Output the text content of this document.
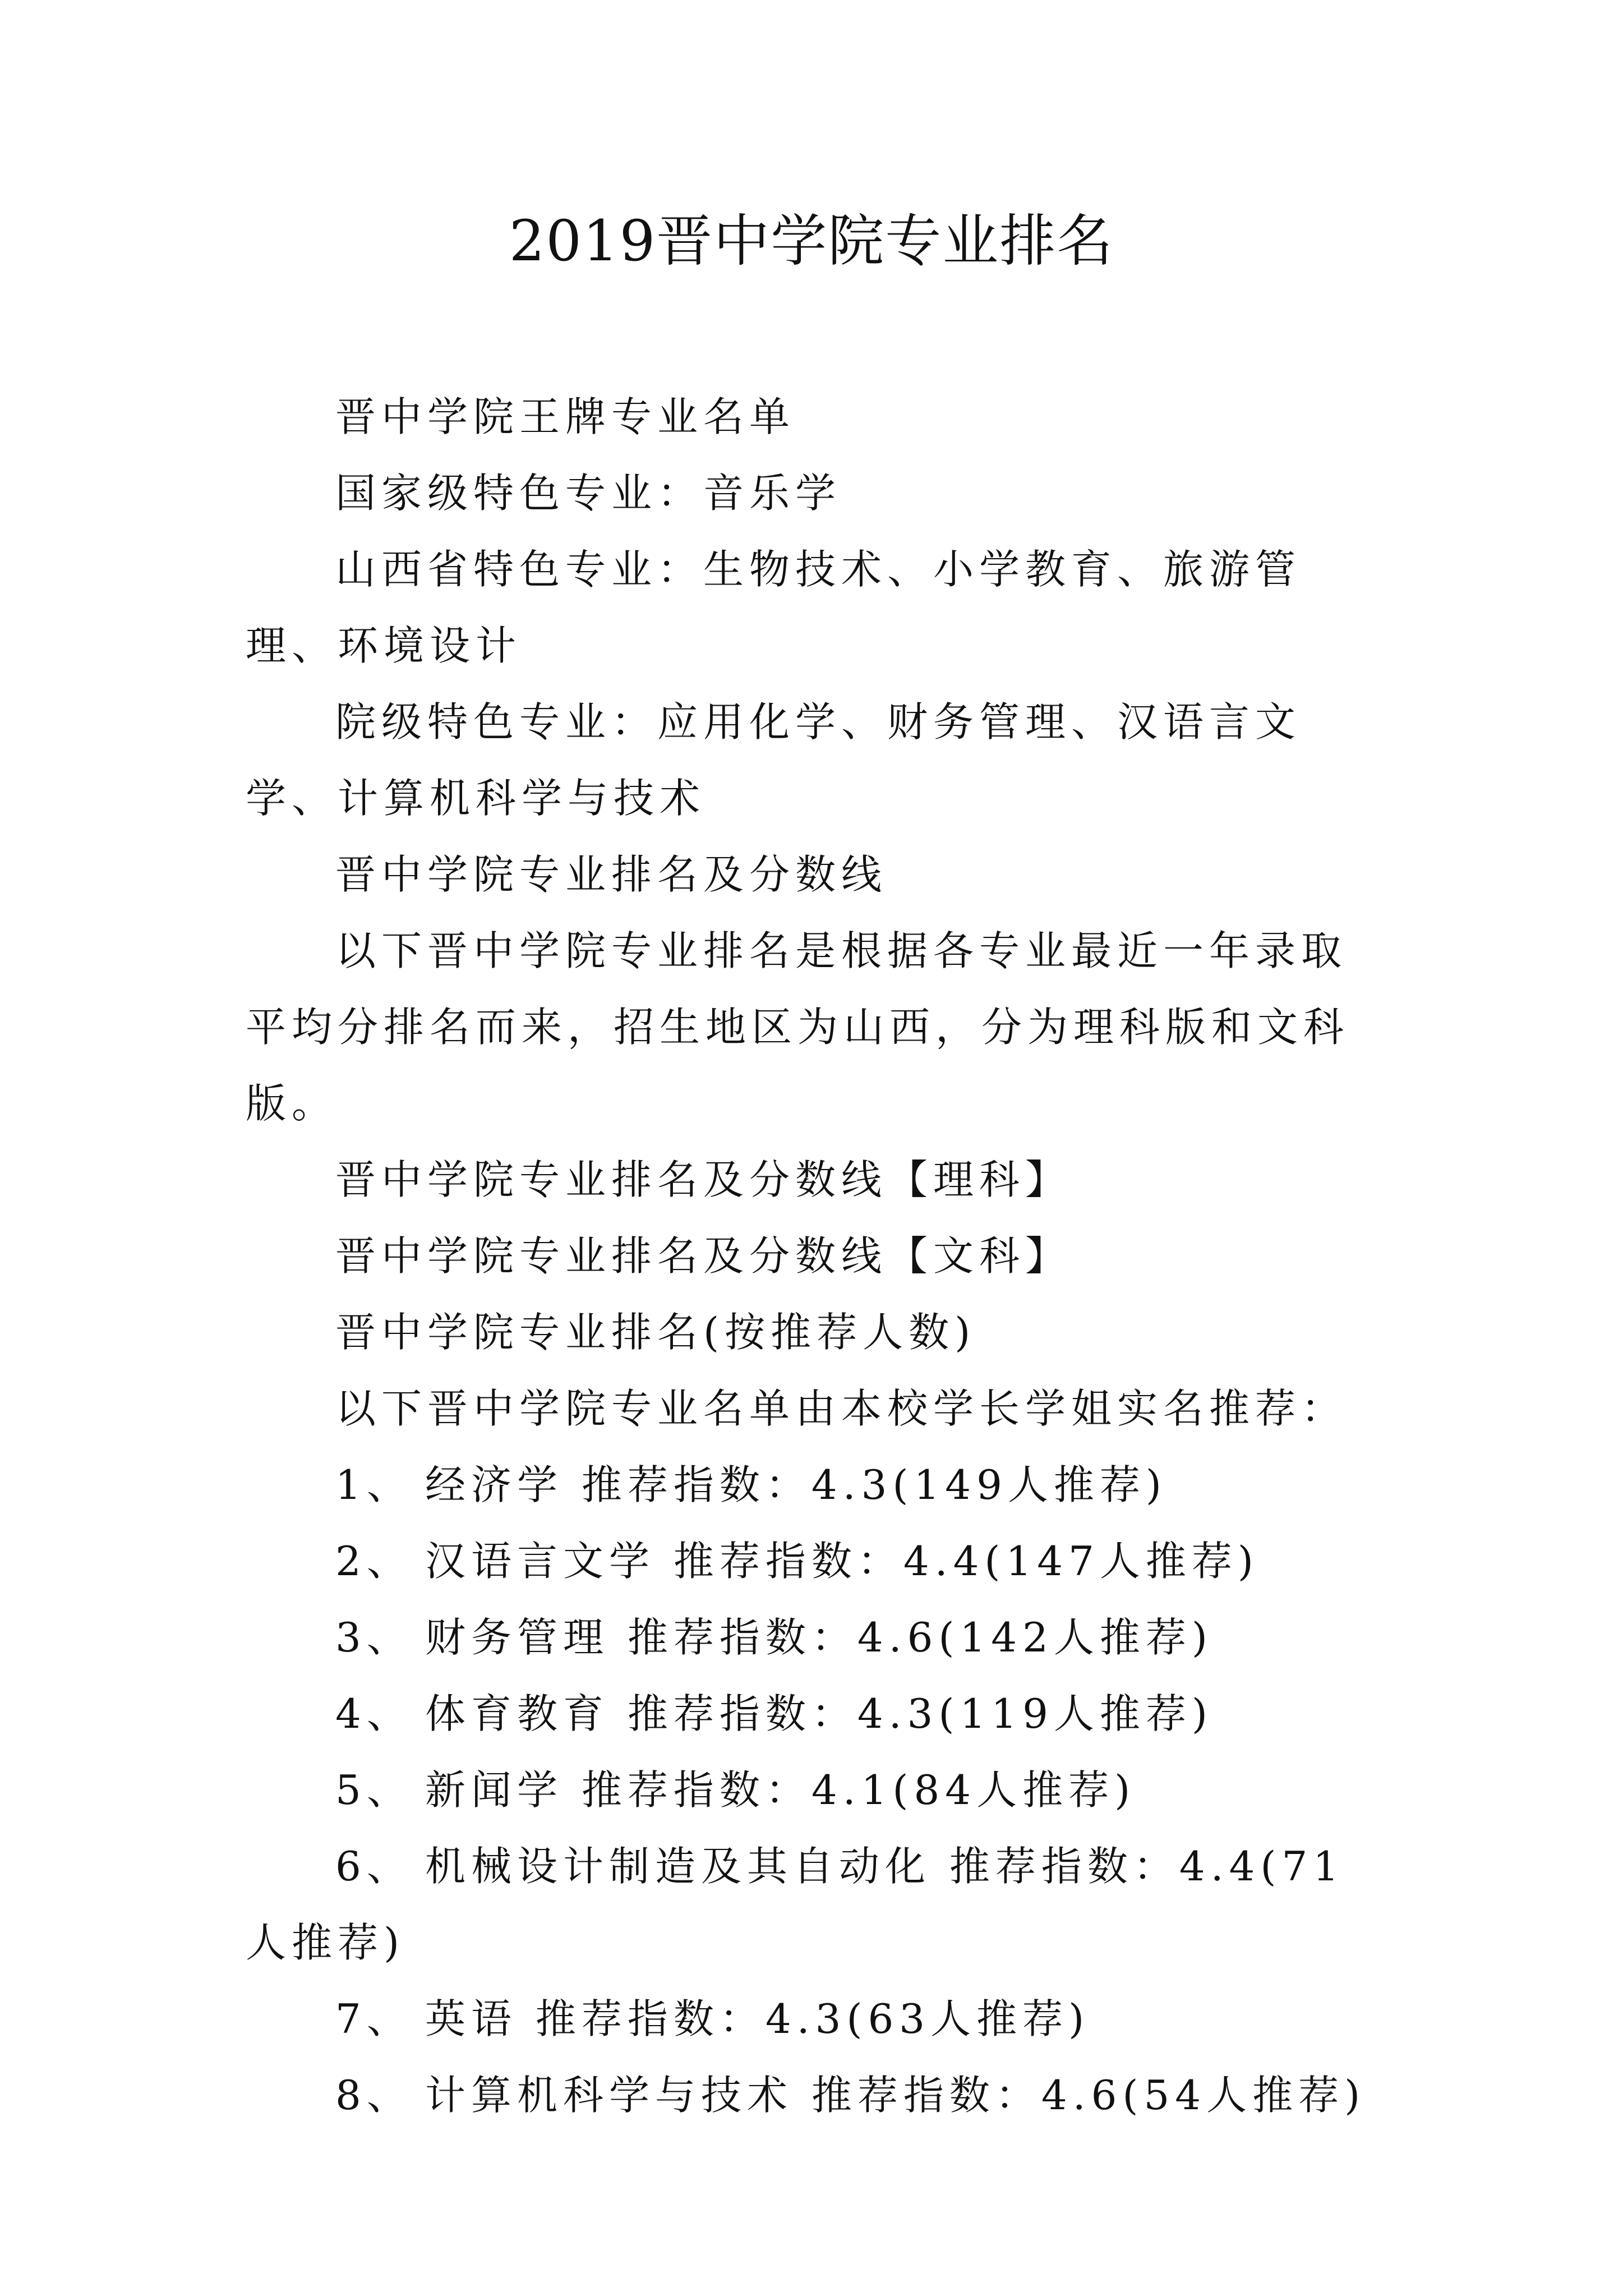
2019晋中学院专业排名

晋中学院王牌专业名单

国家级特色专业：音乐学

山西省特色专业：生物技术、小学教育、旅游管理、环境设计

院级特色专业：应用化学、财务管理、汉语言文学、计算机科学与技术

晋中学院专业排名及分数线

以下晋中学院专业排名是根据各专业最近一年录取平均分排名而来，招生地区为山西，分为理科版和文科版。

晋中学院专业排名及分数线【理科】

晋中学院专业排名及分数线【文科】

晋中学院专业排名(按推荐人数)

以下晋中学院专业名单由本校学长学姐实名推荐：

1、 经济学 推荐指数：4.3(149人推荐)

2、 汉语言文学 推荐指数：4.4(147人推荐)

3、 财务管理 推荐指数：4.6(142人推荐)

4、 体育教育 推荐指数：4.3(119人推荐)

5、 新闻学 推荐指数：4.1(84人推荐)

6、 机械设计制造及其自动化 推荐指数：4.4(71人推荐)

7、 英语 推荐指数：4.3(63人推荐)

8、 计算机科学与技术 推荐指数：4.6(54人推荐)
